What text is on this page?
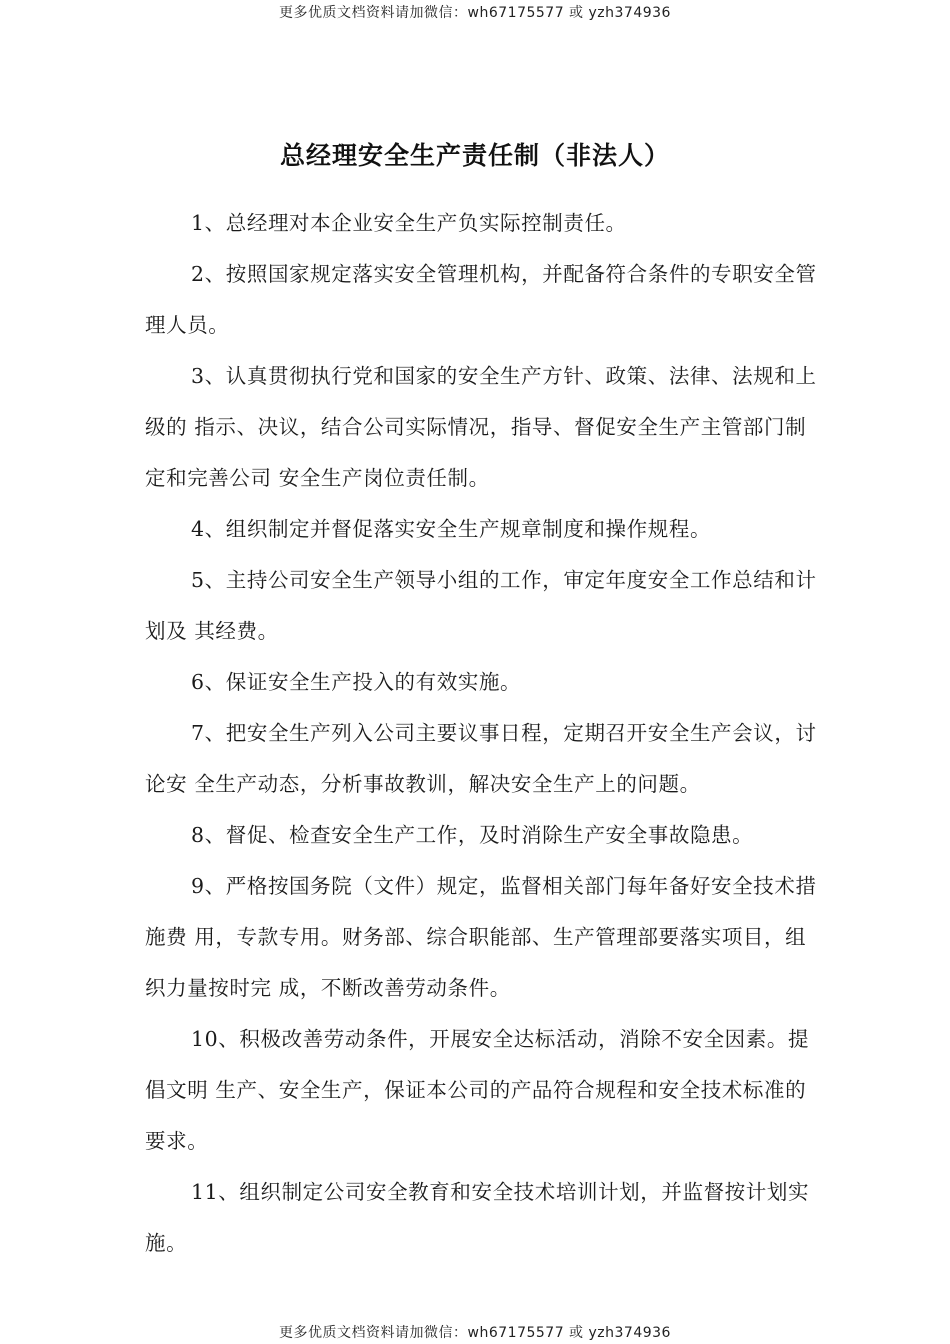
更多优质文档资料请加微信：wh67175577 或 yzh374936
总经理安全生产责任制（非法人）

1、总经理对本企业安全生产负实际控制责任。

2、按照国家规定落实安全管理机构，并配备符合条件的专职安全管理人员。

3、认真贯彻执行党和国家的安全生产方针、政策、法律、法规和上级的 指示、决议，结合公司实际情况，指导、督促安全生产主管部门制定和完善公司 安全生产岗位责任制。

4、组织制定并督促落实安全生产规章制度和操作规程。

5、主持公司安全生产领导小组的工作，审定年度安全工作总结和计划及 其经费。

6、保证安全生产投入的有效实施。

7、把安全生产列入公司主要议事日程，定期召开安全生产会议，讨论安 全生产动态，分析事故教训，解决安全生产上的问题。

8、督促、检查安全生产工作，及时消除生产安全事故隐患。

9、严格按国务院（文件）规定，监督相关部门每年备好安全技术措施费 用，专款专用。财务部、综合职能部、生产管理部要落实项目，组织力量按时完 成，不断改善劳动条件。

10、积极改善劳动条件，开展安全达标活动，消除不安全因素。提倡文明 生产、安全生产，保证本公司的产品符合规程和安全技术标准的要求。

11、组织制定公司安全教育和安全技术培训计划，并监督按计划实施。

更多优质文档资料请加微信：wh67175577 或 yzh374936
